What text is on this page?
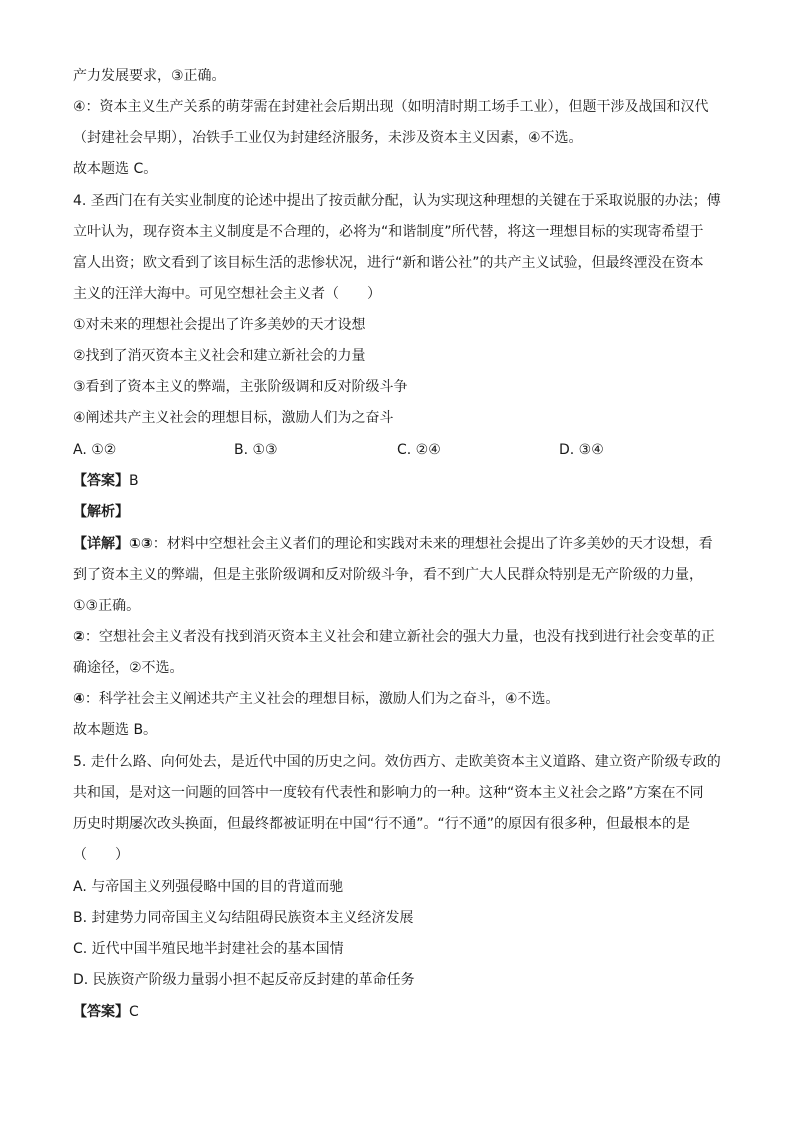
产力发展要求，③正确。
④：资本主义生产关系的萌芽需在封建社会后期出现（如明清时期工场手工业），但题干涉及战国和汉代
（封建社会早期），冶铁手工业仅为封建经济服务，未涉及资本主义因素，④不选。
故本题选 C。
4. 圣西门在有关实业制度的论述中提出了按贡献分配，认为实现这种理想的关键在于采取说服的办法；傅
立叶认为，现存资本主义制度是不合理的，必将为“和谐制度”所代替，将这一理想目标的实现寄希望于
富人出资；欧文看到了该目标生活的悲惨状况，进行“新和谐公社”的共产主义试验，但最终湮没在资本
主义的汪洋大海中。可见空想社会主义者（　　）
①对未来的理想社会提出了许多美妙的天才设想
②找到了消灭资本主义社会和建立新社会的力量
③看到了资本主义的弊端，主张阶级调和反对阶级斗争
④阐述共产主义社会的理想目标，激励人们为之奋斗
A. ①②	B. ①③	C. ②④	D. ③④
【答案】B
【解析】
【详解】①③：材料中空想社会主义者们的理论和实践对未来的理想社会提出了许多美妙的天才设想，看
到了资本主义的弊端，但是主张阶级调和反对阶级斗争，看不到广大人民群众特别是无产阶级的力量，
①③正确。
②：空想社会主义者没有找到消灭资本主义社会和建立新社会的强大力量，也没有找到进行社会变革的正
确途径，②不选。
④：科学社会主义阐述共产主义社会的理想目标，激励人们为之奋斗，④不选。
故本题选 B。
5. 走什么路、向何处去，是近代中国的历史之问。效仿西方、走欧美资本主义道路、建立资产阶级专政的
共和国，是对这一问题的回答中一度较有代表性和影响力的一种。这种“资本主义社会之路”方案在不同
历史时期屡次改头换面，但最终都被证明在中国“行不通”。“行不通”的原因有很多种，但最根本的是
（　　）
A. 与帝国主义列强侵略中国的目的背道而驰
B. 封建势力同帝国主义勾结阻碍民族资本主义经济发展
C. 近代中国半殖民地半封建社会的基本国情
D. 民族资产阶级力量弱小担不起反帝反封建的革命任务
【答案】C
